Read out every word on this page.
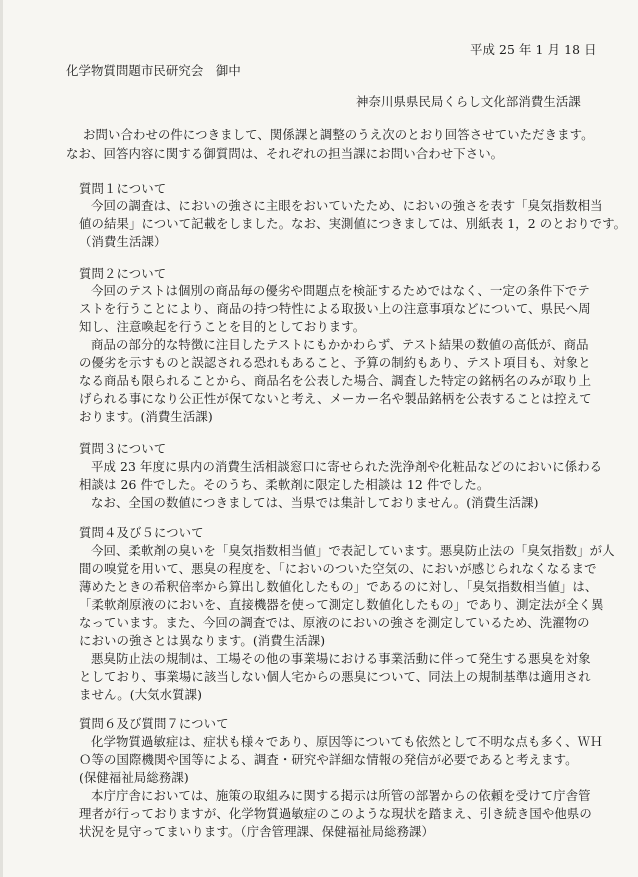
平成 25 年 1 月 18 日
化学物質問題市民研究会　御中
神奈川県県民局くらし文化部消費生活課
お問い合わせの件につきまして、関係課と調整のうえ次のとおり回答させていただきます。
なお、回答内容に関する御質問は、それぞれの担当課にお問い合わせ下さい。
質問１について
今回の調査は、においの強さに主眼をおいていたため、においの強さを表す「臭気指数相当
値の結果」について記載をしました。なお、実測値につきましては、別紙表 1，2 のとおりです。
（消費生活課）
質問２について
今回のテストは個別の商品毎の優劣や問題点を検証するためではなく、一定の条件下でテ
ストを行うことにより、商品の持つ特性による取扱い上の注意事項などについて、県民へ周
知し、注意喚起を行うことを目的としております。
商品の部分的な特徴に注目したテストにもかかわらず、テスト結果の数値の高低が、商品
の優劣を示すものと誤認される恐れもあること、予算の制約もあり、テスト項目も、対象と
なる商品も限られることから、商品名を公表した場合、調査した特定の銘柄名のみが取り上
げられる事になり公正性が保てないと考え、メーカー名や製品銘柄を公表することは控えて
おります。(消費生活課)
質問３について
平成 23 年度に県内の消費生活相談窓口に寄せられた洗浄剤や化粧品などのにおいに係わる
相談は 26 件でした。そのうち、柔軟剤に限定した相談は 12 件でした。
なお、全国の数値につきましては、当県では集計しておりません。(消費生活課)
質問４及び５について
今回、柔軟剤の臭いを「臭気指数相当値」で表記しています。悪臭防止法の「臭気指数」が人
間の嗅覚を用いて、悪臭の程度を、「においのついた空気の、においが感じられなくなるまで
薄めたときの希釈倍率から算出し数値化したもの」であるのに対し、「臭気指数相当値」は、
「柔軟剤原液のにおいを、直接機器を使って測定し数値化したもの」であり、測定法が全く異
なっています。また、今回の調査では、原液のにおいの強さを測定しているため、洗濯物の
においの強さとは異なります。(消費生活課)
悪臭防止法の規制は、工場その他の事業場における事業活動に伴って発生する悪臭を対象
としており、事業場に該当しない個人宅からの悪臭について、同法上の規制基準は適用され
ません。(大気水質課)
質問６及び質問７について
化学物質過敏症は、症状も様々であり、原因等についても依然として不明な点も多く、ＷＨ
Ｏ等の国際機関や国等による、調査・研究や詳細な情報の発信が必要であると考えます。
(保健福祉局総務課)
本庁庁舎においては、施策の取組みに関する掲示は所管の部署からの依頼を受けて庁舎管
理者が行っておりますが、化学物質過敏症のこのような現状を踏まえ、引き続き国や他県の
状況を見守ってまいります。（庁舎管理課、保健福祉局総務課）
